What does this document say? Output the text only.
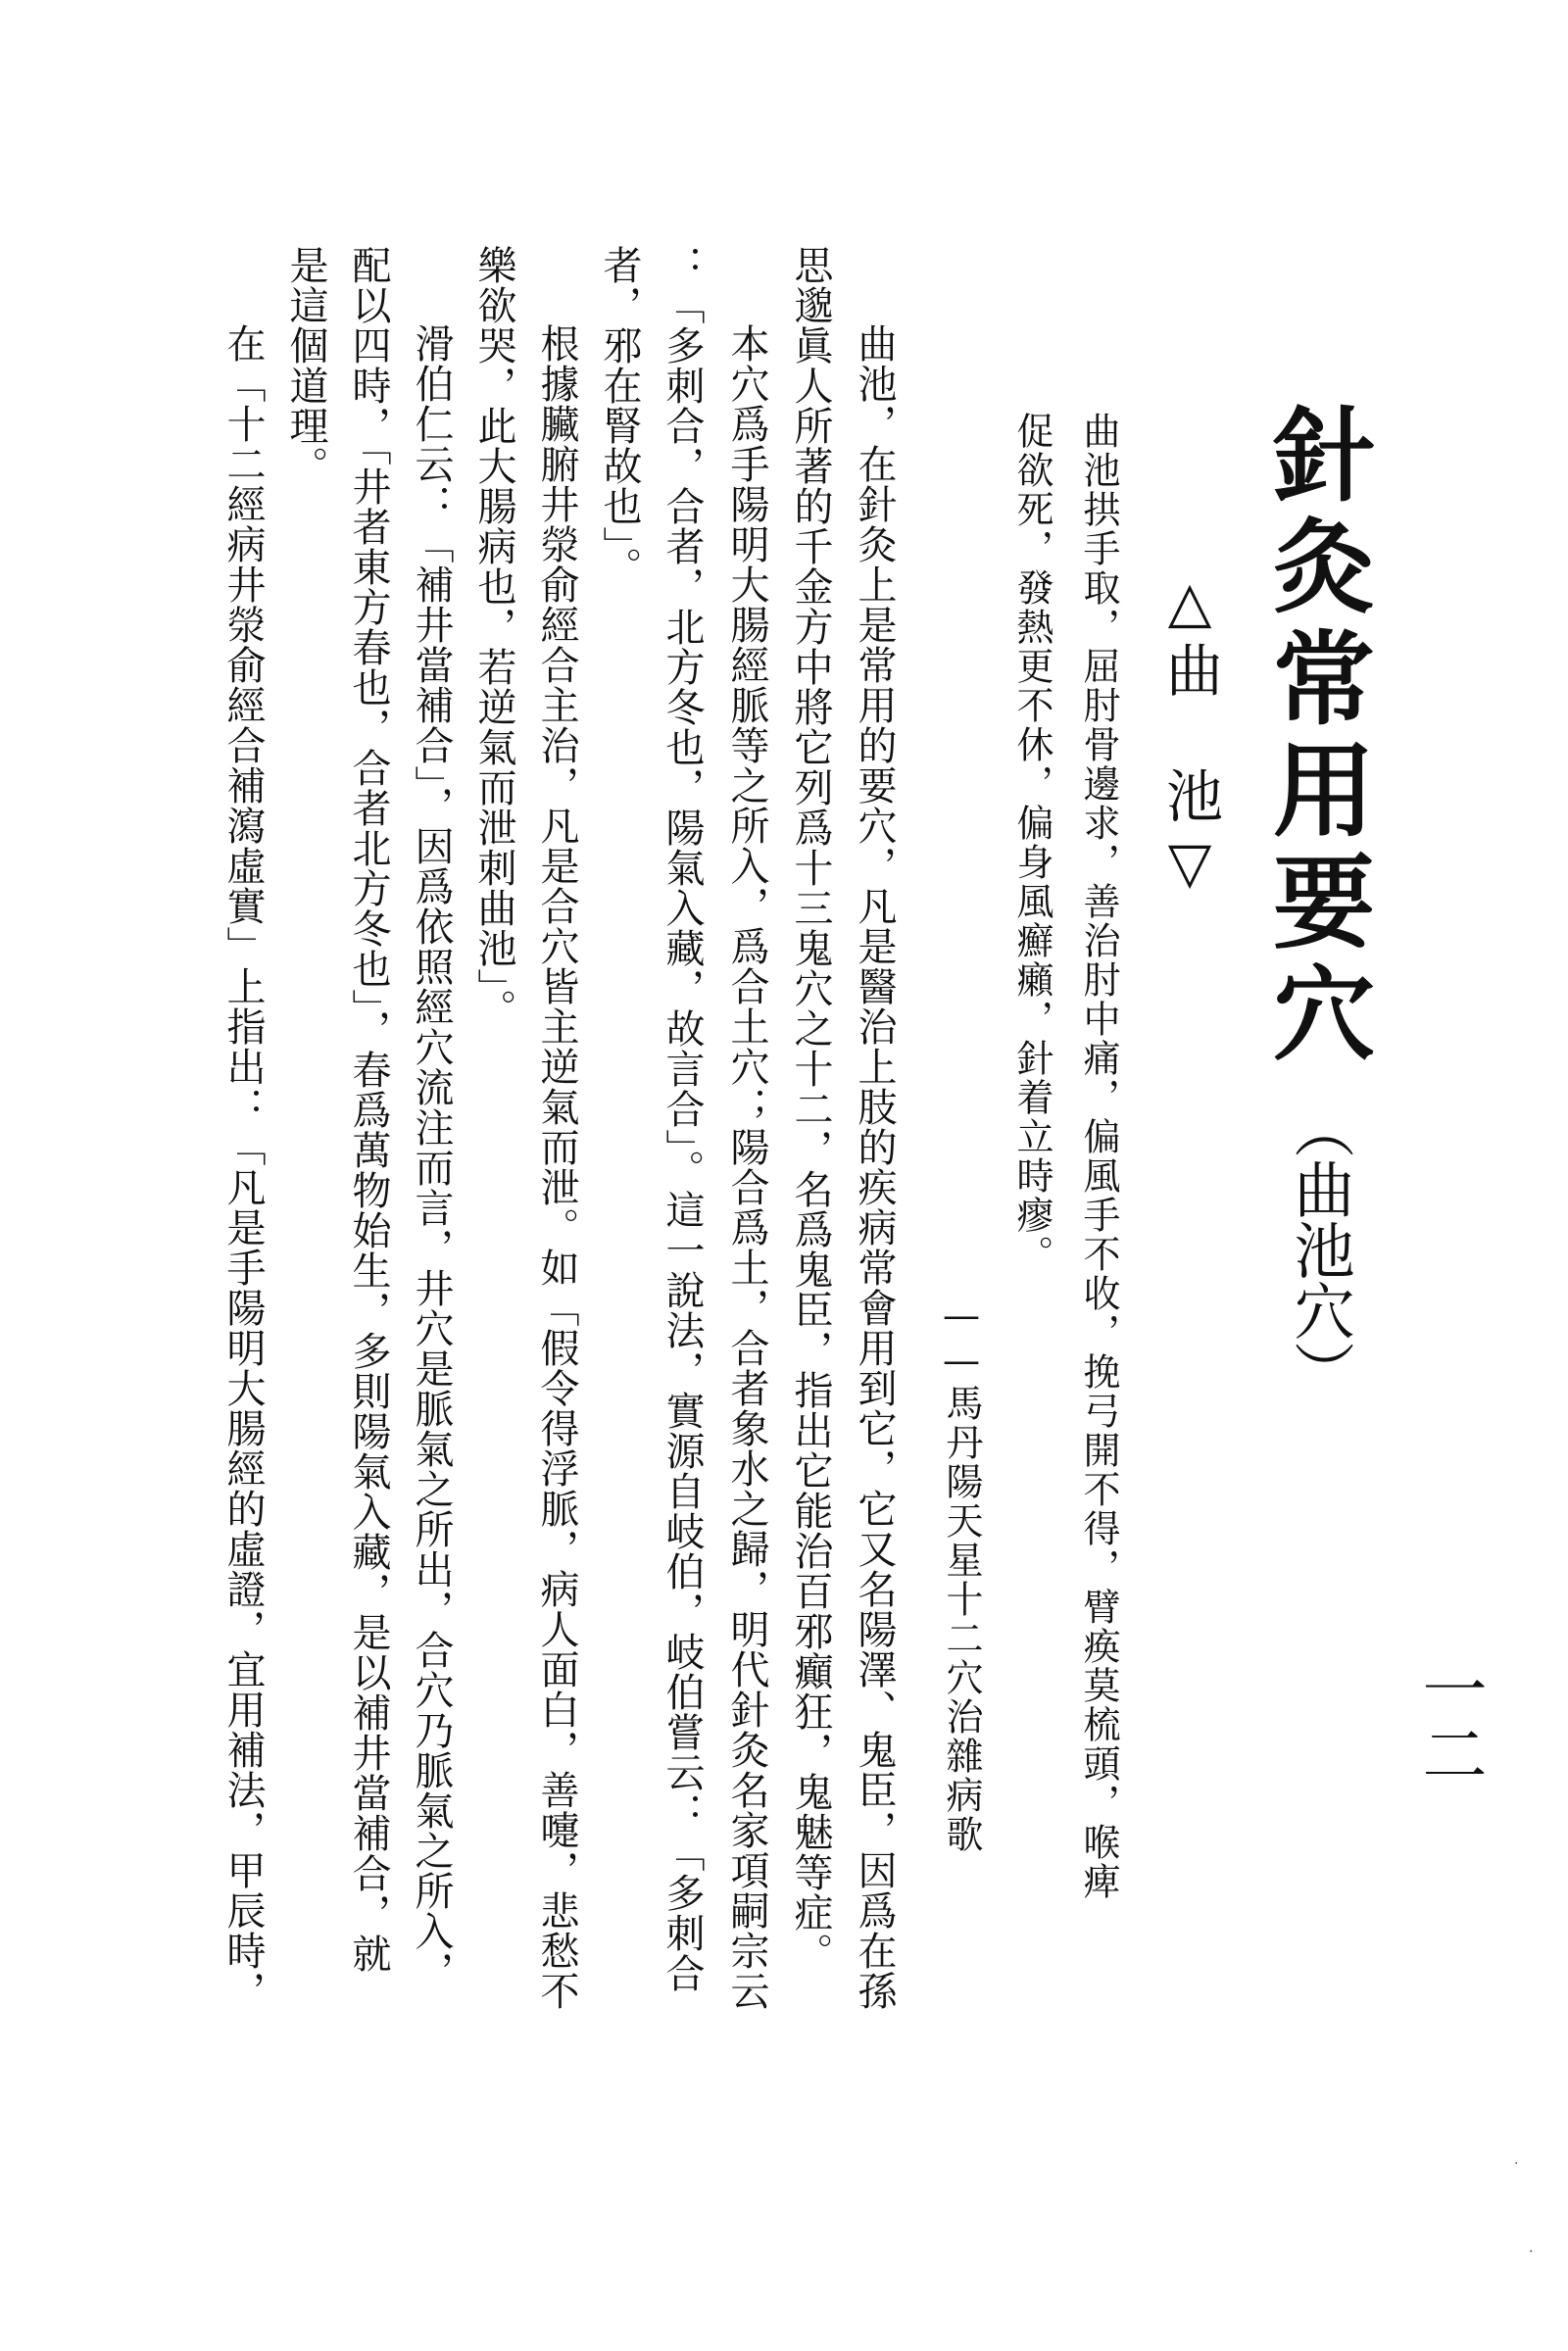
針灸常用要穴
（曲池穴）
一二
△曲　池▽
曲池拱手取，屈肘骨邊求，善治肘中痛，偏風手不收，挽弓開不得，臂痪莫梳頭，喉痺
促欲死，發熱更不休，偏身風癬癩，針着立時瘳。
——馬丹陽天星十二穴治雜病歌
曲池，在針灸上是常用的要穴，凡是醫治上肢的疾病常會用到它，它又名陽澤、鬼臣，因爲在孫
思邈眞人所著的千金方中將它列爲十三鬼穴之十二，名爲鬼臣，指出它能治百邪癲狂，鬼魅等症。
本穴爲手陽明大腸經脈等之所入，爲合土穴；陽合爲土，合者象水之歸，明代針灸名家項嗣宗云
：「多刺合，合者，北方冬也，陽氣入藏，故言合」。這一說法，實源自岐伯，岐伯嘗云：「多刺合
者，邪在腎故也」。
根據臟腑井滎俞經合主治，凡是合穴皆主逆氣而泄。如「假令得浮脈，病人面白，善嚏，悲愁不
樂欲哭，此大腸病也，若逆氣而泄刺曲池」。
滑伯仁云：「補井當補合」，因爲依照經穴流注而言，井穴是脈氣之所出，合穴乃脈氣之所入，
配以四時，「井者東方春也，合者北方冬也」，春爲萬物始生，多則陽氣入藏，是以補井當補合，就
是這個道理。
在「十二經病井滎俞經合補瀉虛實」上指出：「凡是手陽明大腸經的虛證，宜用補法，甲辰時，
·
·
